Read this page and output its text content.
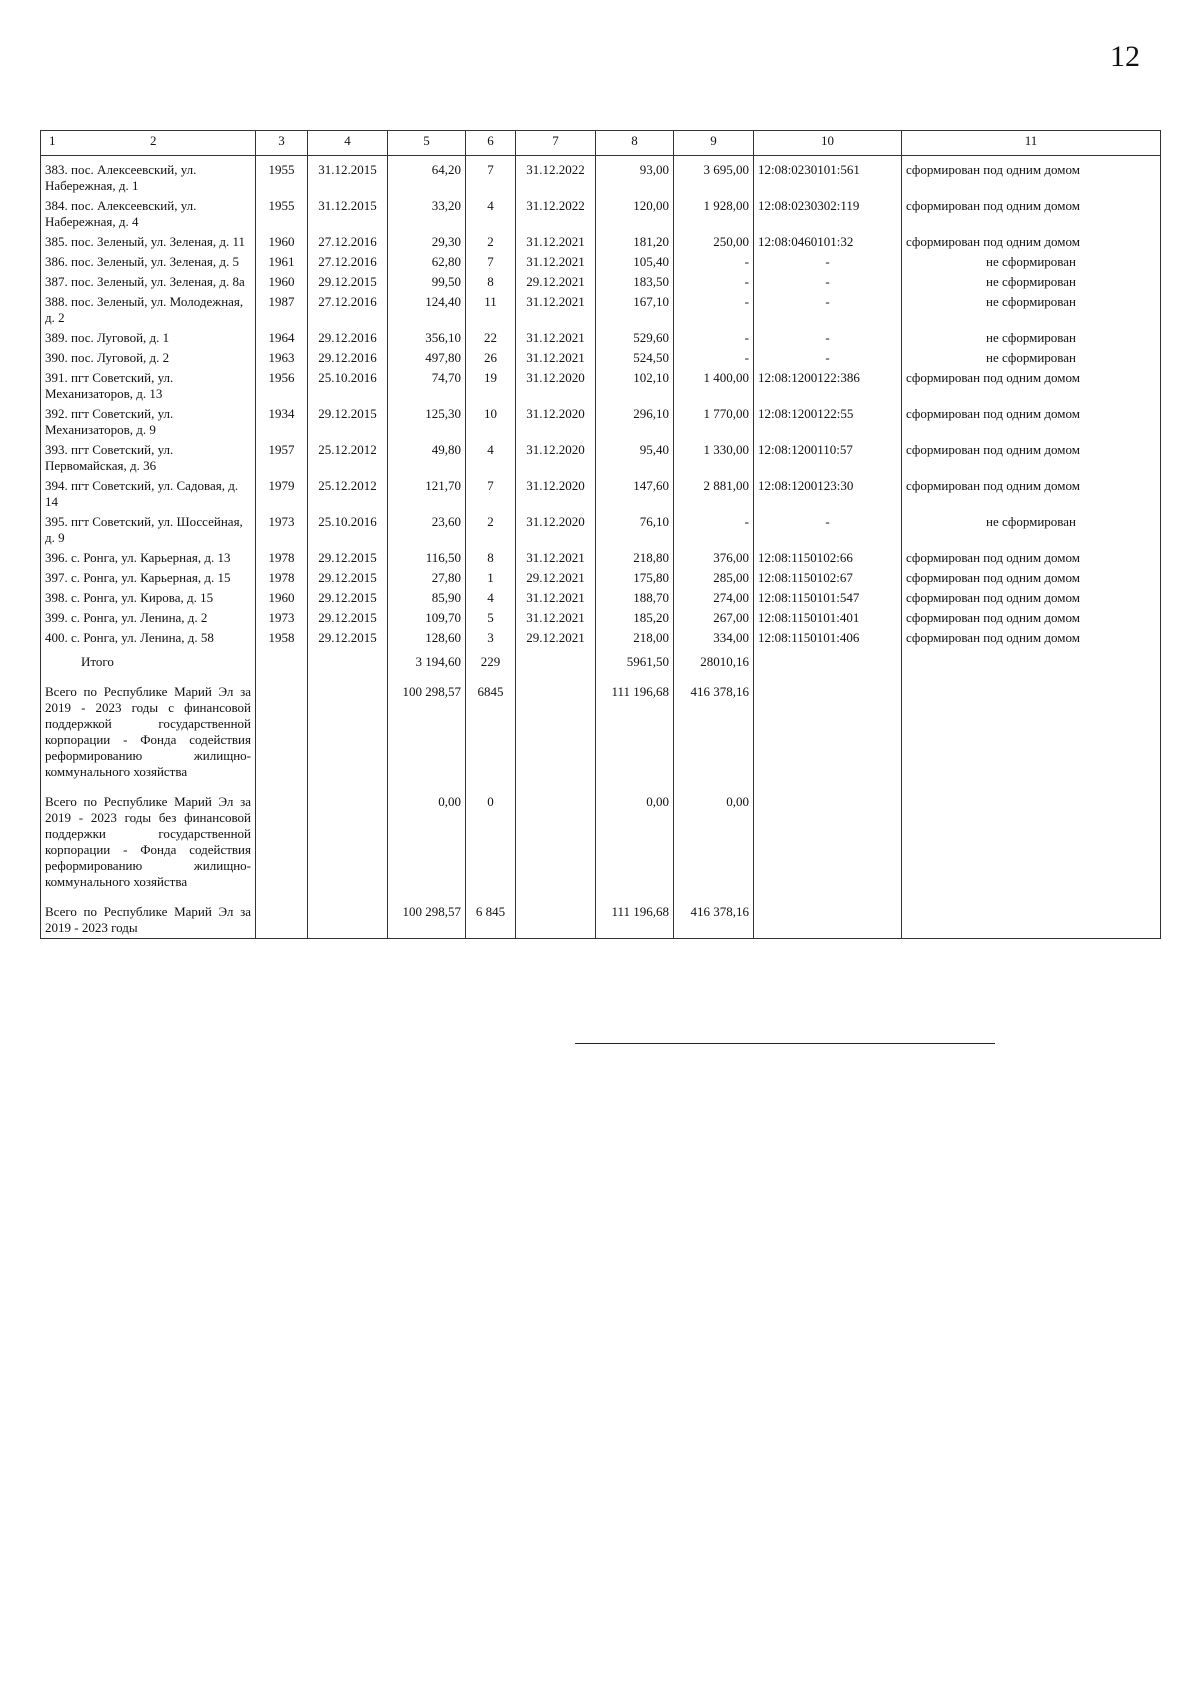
12
1 2	3	4	5	6	7	8	9	10	11
383. пос. Алексеевский, ул. Набережная, д. 1	1955	31.12.2015	64,20	7	31.12.2022	93,00	3 695,00	12:08:0230101:561	сформирован под одним домом
384. пос. Алексеевский, ул. Набережная, д. 4	1955	31.12.2015	33,20	4	31.12.2022	120,00	1 928,00	12:08:0230302:119	сформирован под одним домом
385. пос. Зеленый, ул. Зеленая, д. 11	1960	27.12.2016	29,30	2	31.12.2021	181,20	250,00	12:08:0460101:32	сформирован под одним домом
386. пос. Зеленый, ул. Зеленая, д. 5	1961	27.12.2016	62,80	7	31.12.2021	105,40	-	-	не сформирован
387. пос. Зеленый, ул. Зеленая, д. 8а	1960	29.12.2015	99,50	8	29.12.2021	183,50	-	-	не сформирован
388. пос. Зеленый, ул. Молодежная, д. 2	1987	27.12.2016	124,40	11	31.12.2021	167,10	-	-	не сформирован
389. пос. Луговой, д. 1	1964	29.12.2016	356,10	22	31.12.2021	529,60	-	-	не сформирован
390. пос. Луговой, д. 2	1963	29.12.2016	497,80	26	31.12.2021	524,50	-	-	не сформирован
391. пгт Советский, ул. Механизаторов, д. 13	1956	25.10.2016	74,70	19	31.12.2020	102,10	1 400,00	12:08:1200122:386	сформирован под одним домом
392. пгт Советский, ул. Механизаторов, д. 9	1934	29.12.2015	125,30	10	31.12.2020	296,10	1 770,00	12:08:1200122:55	сформирован под одним домом
393. пгт Советский, ул. Первомайская, д. 36	1957	25.12.2012	49,80	4	31.12.2020	95,40	1 330,00	12:08:1200110:57	сформирован под одним домом
394. пгт Советский, ул. Садовая, д. 14	1979	25.12.2012	121,70	7	31.12.2020	147,60	2 881,00	12:08:1200123:30	сформирован под одним домом
395. пгт Советский, ул. Шоссейная, д. 9	1973	25.10.2016	23,60	2	31.12.2020	76,10	-	-	не сформирован
396. с. Ронга, ул. Карьерная, д. 13	1978	29.12.2015	116,50	8	31.12.2021	218,80	376,00	12:08:1150102:66	сформирован под одним домом
397. с. Ронга, ул. Карьерная, д. 15	1978	29.12.2015	27,80	1	29.12.2021	175,80	285,00	12:08:1150102:67	сформирован под одним домом
398. с. Ронга, ул. Кирова, д. 15	1960	29.12.2015	85,90	4	31.12.2021	188,70	274,00	12:08:1150101:547	сформирован под одним домом
399. с. Ронга, ул. Ленина, д. 2	1973	29.12.2015	109,70	5	31.12.2021	185,20	267,00	12:08:1150101:401	сформирован под одним домом
400. с. Ронга, ул. Ленина, д. 58	1958	29.12.2015	128,60	3	29.12.2021	218,00	334,00	12:08:1150101:406	сформирован под одним домом
Итого			3 194,60	229		5961,50	28010,16		
Всего по Республике Марий Эл за 2019 - 2023 годы с финансовой поддержкой государственной корпорации - Фонда содействия реформированию жилищно-коммунального хозяйства			100 298,57	6845		111 196,68	416 378,16		
Всего по Республике Марий Эл за 2019 - 2023 годы без финансовой поддержки государственной корпорации - Фонда содействия реформированию жилищно-коммунального хозяйства			0,00	0		0,00	0,00		
Всего по Республике Марий Эл за 2019 - 2023 годы			100 298,57	6 845		111 196,68	416 378,16		
